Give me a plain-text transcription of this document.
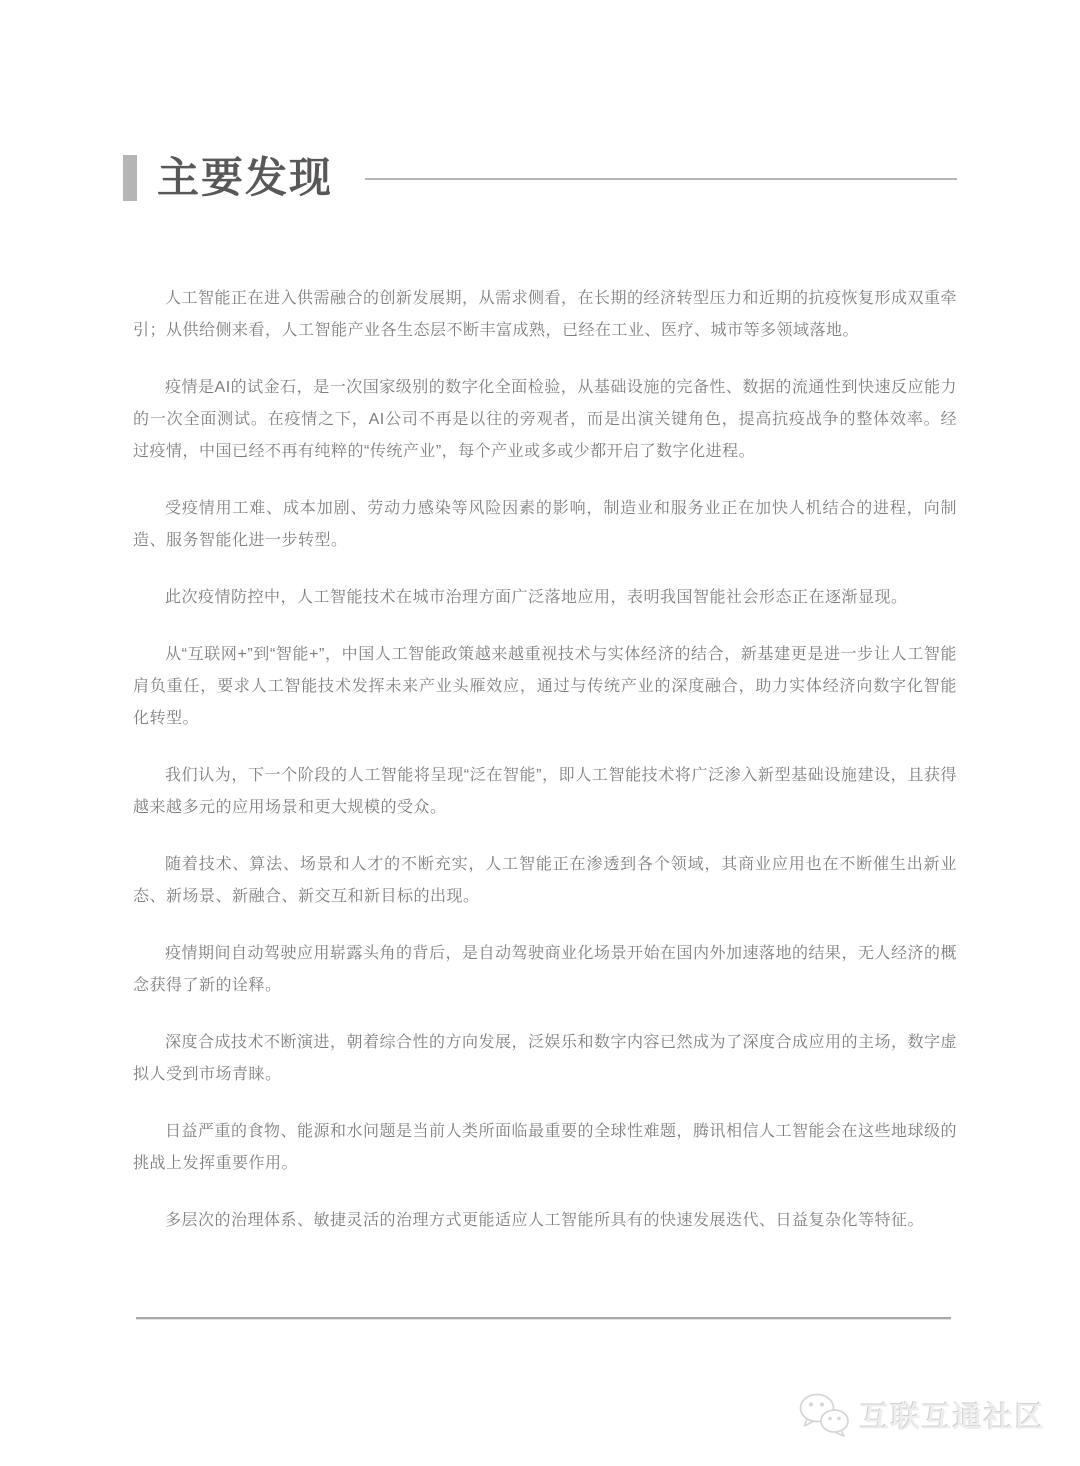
主要发现

人工智能正在进入供需融合的创新发展期，从需求侧看，在长期的经济转型压力和近期的抗疫恢复形成双重牵引；从供给侧来看，人工智能产业各生态层不断丰富成熟，已经在工业、医疗、城市等多领域落地。

疫情是AI的试金石，是一次国家级别的数字化全面检验，从基础设施的完备性、数据的流通性到快速反应能力的一次全面测试。在疫情之下，AI公司不再是以往的旁观者，而是出演关键角色，提高抗疫战争的整体效率。经过疫情，中国已经不再有纯粹的“传统产业”，每个产业或多或少都开启了数字化进程。

受疫情用工难、成本加剧、劳动力感染等风险因素的影响，制造业和服务业正在加快人机结合的进程，向制造、服务智能化进一步转型。

此次疫情防控中，人工智能技术在城市治理方面广泛落地应用，表明我国智能社会形态正在逐渐显现。

从“互联网+”到“智能+”，中国人工智能政策越来越重视技术与实体经济的结合，新基建更是进一步让人工智能肩负重任，要求人工智能技术发挥未来产业头雁效应，通过与传统产业的深度融合，助力实体经济向数字化智能化转型。

我们认为，下一个阶段的人工智能将呈现“泛在智能”，即人工智能技术将广泛渗入新型基础设施建设，且获得越来越多元的应用场景和更大规模的受众。

随着技术、算法、场景和人才的不断充实，人工智能正在渗透到各个领域，其商业应用也在不断催生出新业态、新场景、新融合、新交互和新目标的出现。

疫情期间自动驾驶应用崭露头角的背后，是自动驾驶商业化场景开始在国内外加速落地的结果，无人经济的概念获得了新的诠释。

深度合成技术不断演进，朝着综合性的方向发展，泛娱乐和数字内容已然成为了深度合成应用的主场，数字虚拟人受到市场青睐。

日益严重的食物、能源和水问题是当前人类所面临最重要的全球性难题，腾讯相信人工智能会在这些地球级的挑战上发挥重要作用。

多层次的治理体系、敏捷灵活的治理方式更能适应人工智能所具有的快速发展迭代、日益复杂化等特征。

互联互通社区
